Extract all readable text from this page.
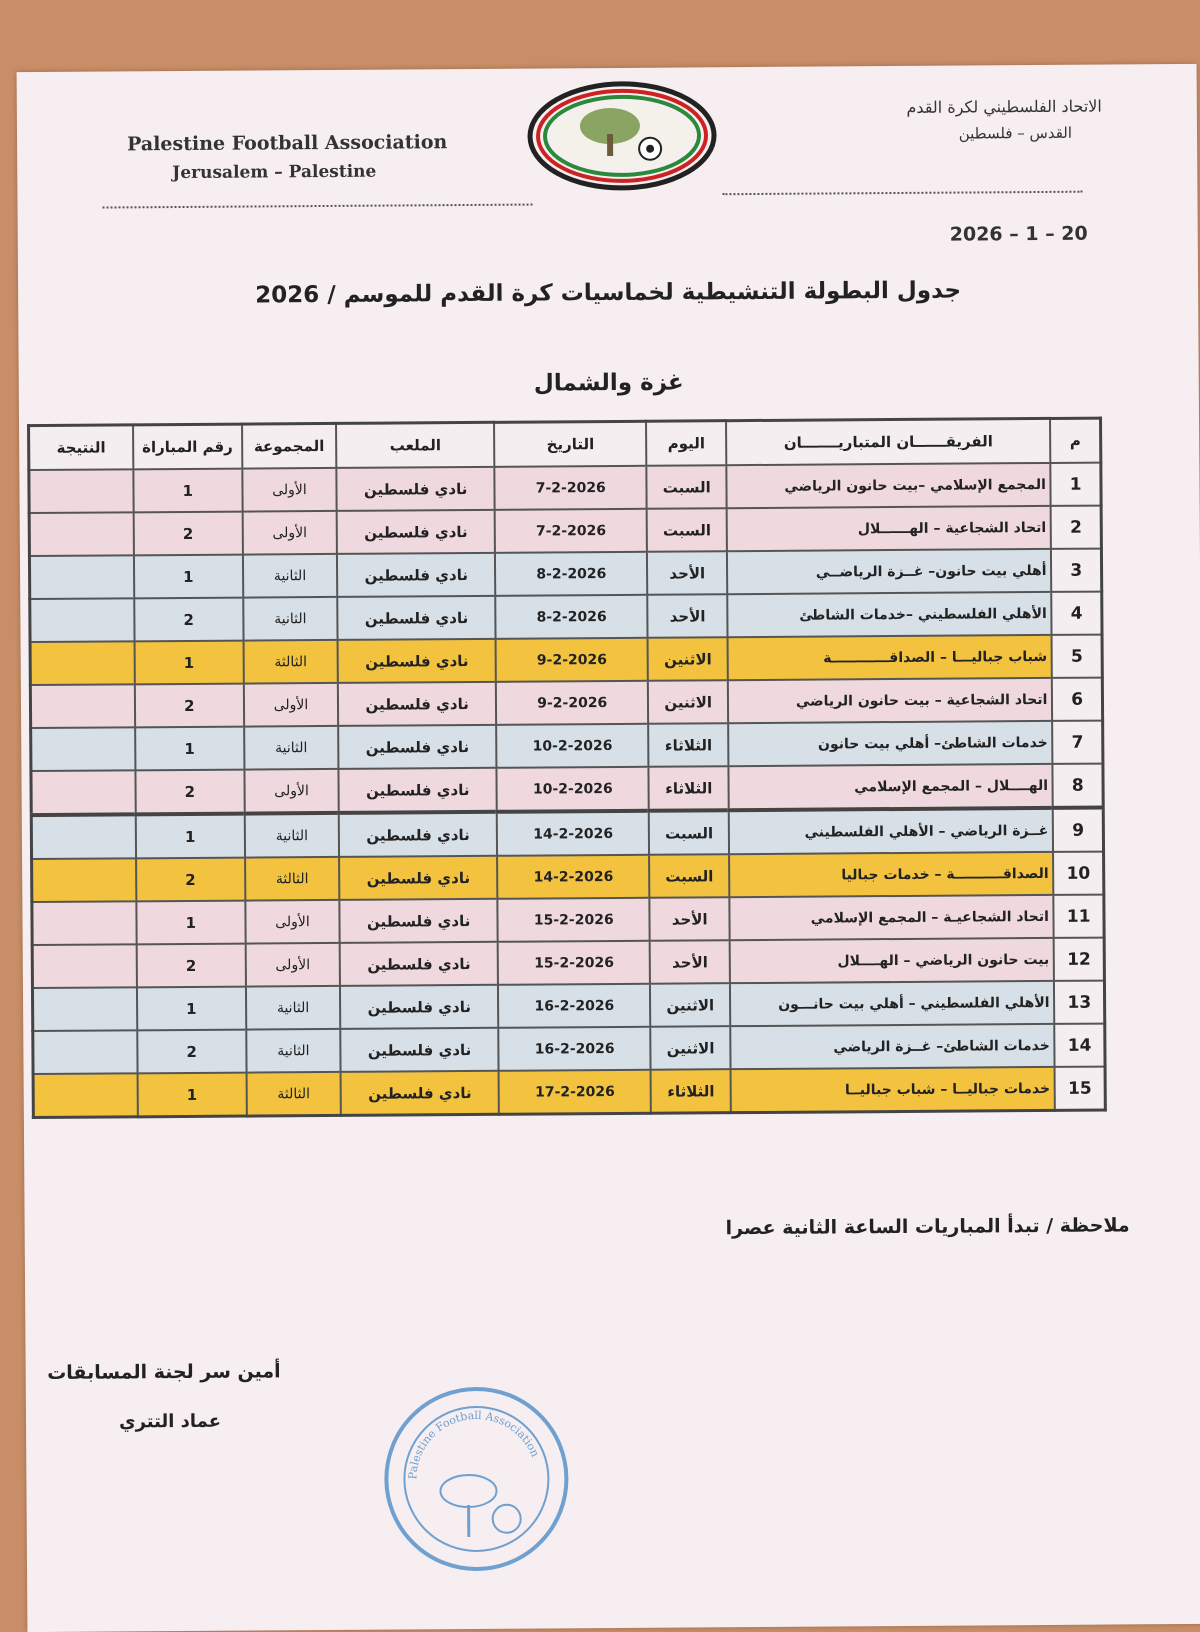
Palestine Football Association
Jerusalem – Palestine
الاتحاد الفلسطيني لكرة القدم
القدس – فلسطين
2026 – 1 – 20
جدول البطولة التنشيطية لخماسيات كرة القدم للموسم / 2026
غزة والشمال
م	الفريقــــــان المتباريـــــــان	اليوم	التاريخ	الملعب	المجموعة	رقم المباراة	النتيجة
1	المجمع الإسلامي –بيت حانون الرياضي	السبت	7-2-2026	نادي فلسطين	الأولى	1	
2	اتحاد الشجاعية – الهــــــلال	السبت	7-2-2026	نادي فلسطين	الأولى	2	
3	أهلي بيت حانون– غــزة الرياضــي	الأحد	8-2-2026	نادي فلسطين	الثانية	1	
4	الأهلي الفلسطيني –خدمات الشاطئ	الأحد	8-2-2026	نادي فلسطين	الثانية	2	
5	شباب جباليـــا – الصداقــــــــــــة	الاثنين	9-2-2026	نادي فلسطين	الثالثة	1	
6	اتحاد الشجاعية – بيت حانون الرياضي	الاثنين	9-2-2026	نادي فلسطين	الأولى	2	
7	خدمات الشاطئ– أهلي بيت حانون	الثلاثاء	10-2-2026	نادي فلسطين	الثانية	1	
8	الهــــلال – المجمع الإسلامي	الثلاثاء	10-2-2026	نادي فلسطين	الأولى	2	
9	غــزة الرياضي – الأهلي الفلسطيني	السبت	14-2-2026	نادي فلسطين	الثانية	1	
10	الصداقــــــــــة – خدمات جباليا	السبت	14-2-2026	نادي فلسطين	الثالثة	2	
11	اتحاد الشجاعيـة – المجمع الإسلامي	الأحد	15-2-2026	نادي فلسطين	الأولى	1	
12	بيت حانون الرياضي – الهــــلال	الأحد	15-2-2026	نادي فلسطين	الأولى	2	
13	الأهلي الفلسطيني – أهلي بيت حانـــون	الاثنين	16-2-2026	نادي فلسطين	الثانية	1	
14	خدمات الشاطئ– غــزة الرياضي	الاثنين	16-2-2026	نادي فلسطين	الثانية	2	
15	خدمات جباليــا – شباب جباليــا	الثلاثاء	17-2-2026	نادي فلسطين	الثالثة	1	
ملاحظة / تبدأ المباريات الساعة الثانية عصرا
أمين سر لجنة المسابقات
عماد التتري
Palestine Football Association
